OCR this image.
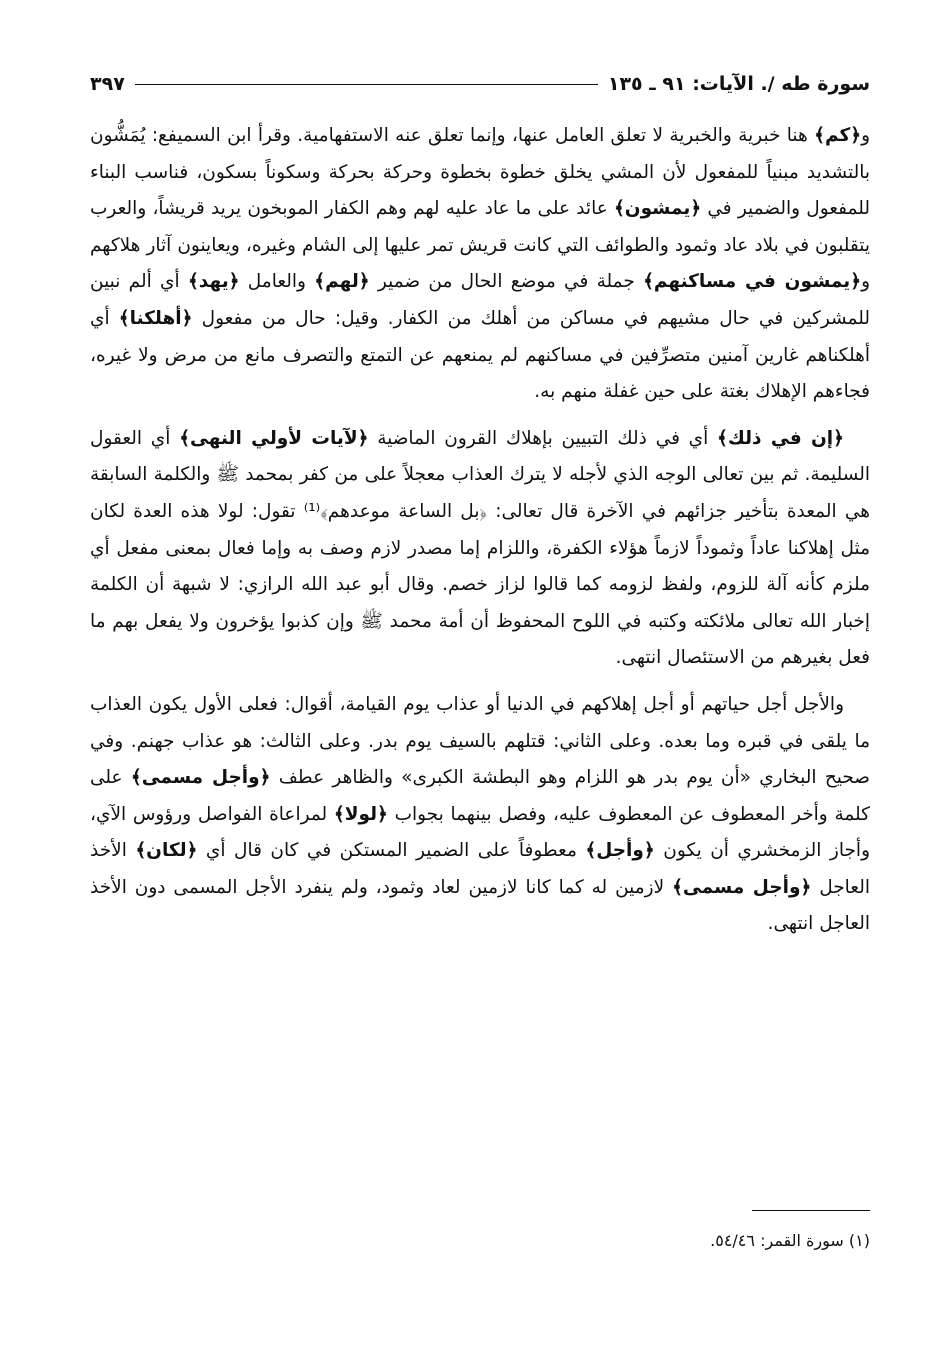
سورة طه /. الآيات: ٩١ ـ ١٣٥
٣٩٧

و﴿كم﴾ هنا خبرية والخبرية لا تعلق العامل عنها، وإنما تعلق عنه الاستفهامية. وقرأ ابن السميفع: يُمَشُّون بالتشديد مبنياً للمفعول لأن المشي يخلق خطوة بخطوة وحركة بحركة وسكوناً بسكون، فناسب البناء للمفعول والضمير في ﴿يمشون﴾ عائد على ما عاد عليه لهم وهم الكفار الموبخون يريد قريشاً، والعرب يتقلبون في بلاد عاد وثمود والطوائف التي كانت قريش تمر عليها إلى الشام وغيره، ويعاينون آثار هلاكهم و﴿يمشون في مساكنهم﴾ جملة في موضع الحال من ضمير ﴿لهم﴾ والعامل ﴿يهد﴾ أي ألم نبين للمشركين في حال مشيهم في مساكن من أهلك من الكفار. وقيل: حال من مفعول ﴿أهلكنا﴾ أي أهلكناهم غارين آمنين متصرِّفين في مساكنهم لم يمنعهم عن التمتع والتصرف مانع من مرض ولا غيره، فجاءهم الإهلاك بغتة على حين غفلة منهم به.

﴿إن في ذلك﴾ أي في ذلك التبيين بإهلاك القرون الماضية ﴿لآيات لأولي النهى﴾ أي العقول السليمة. ثم بين تعالى الوجه الذي لأجله لا يترك العذاب معجلاً على من كفر بمحمد ﷺ والكلمة السابقة هي المعدة بتأخير جزائهم في الآخرة قال تعالى: ﴿بل الساعة موعدهم﴾⁽¹⁾ تقول: لولا هذه العدة لكان مثل إهلاكنا عاداً وثموداً لازماً هؤلاء الكفرة، واللزام إما مصدر لازم وصف به وإما فعال بمعنى مفعل أي ملزم كأنه آلة للزوم، ولفظ لزومه كما قالوا لزاز خصم. وقال أبو عبد الله الرازي: لا شبهة أن الكلمة إخبار الله تعالى ملائكته وكتبه في اللوح المحفوظ أن أمة محمد ﷺ وإن كذبوا يؤخرون ولا يفعل بهم ما فعل بغيرهم من الاستئصال انتهى.

والأجل أجل حياتهم أو أجل إهلاكهم في الدنيا أو عذاب يوم القيامة، أقوال: فعلى الأول يكون العذاب ما يلقى في قبره وما بعده. وعلى الثاني: قتلهم بالسيف يوم بدر. وعلى الثالث: هو عذاب جهنم. وفي صحيح البخاري «أن يوم بدر هو اللزام وهو البطشة الكبرى» والظاهر عطف ﴿وأجل مسمى﴾ على كلمة وأخر المعطوف عن المعطوف عليه، وفصل بينهما بجواب ﴿لولا﴾ لمراعاة الفواصل ورؤوس الآي، وأجاز الزمخشري أن يكون ﴿وأجل﴾ معطوفاً على الضمير المستكن في كان قال أي ﴿لكان﴾ الأخذ العاجل ﴿وأجل مسمى﴾ لازمين له كما كانا لازمين لعاد وثمود، ولم ينفرد الأجل المسمى دون الأخذ العاجل انتهى.

(١) سورة القمر: ٥٤/٤٦.
